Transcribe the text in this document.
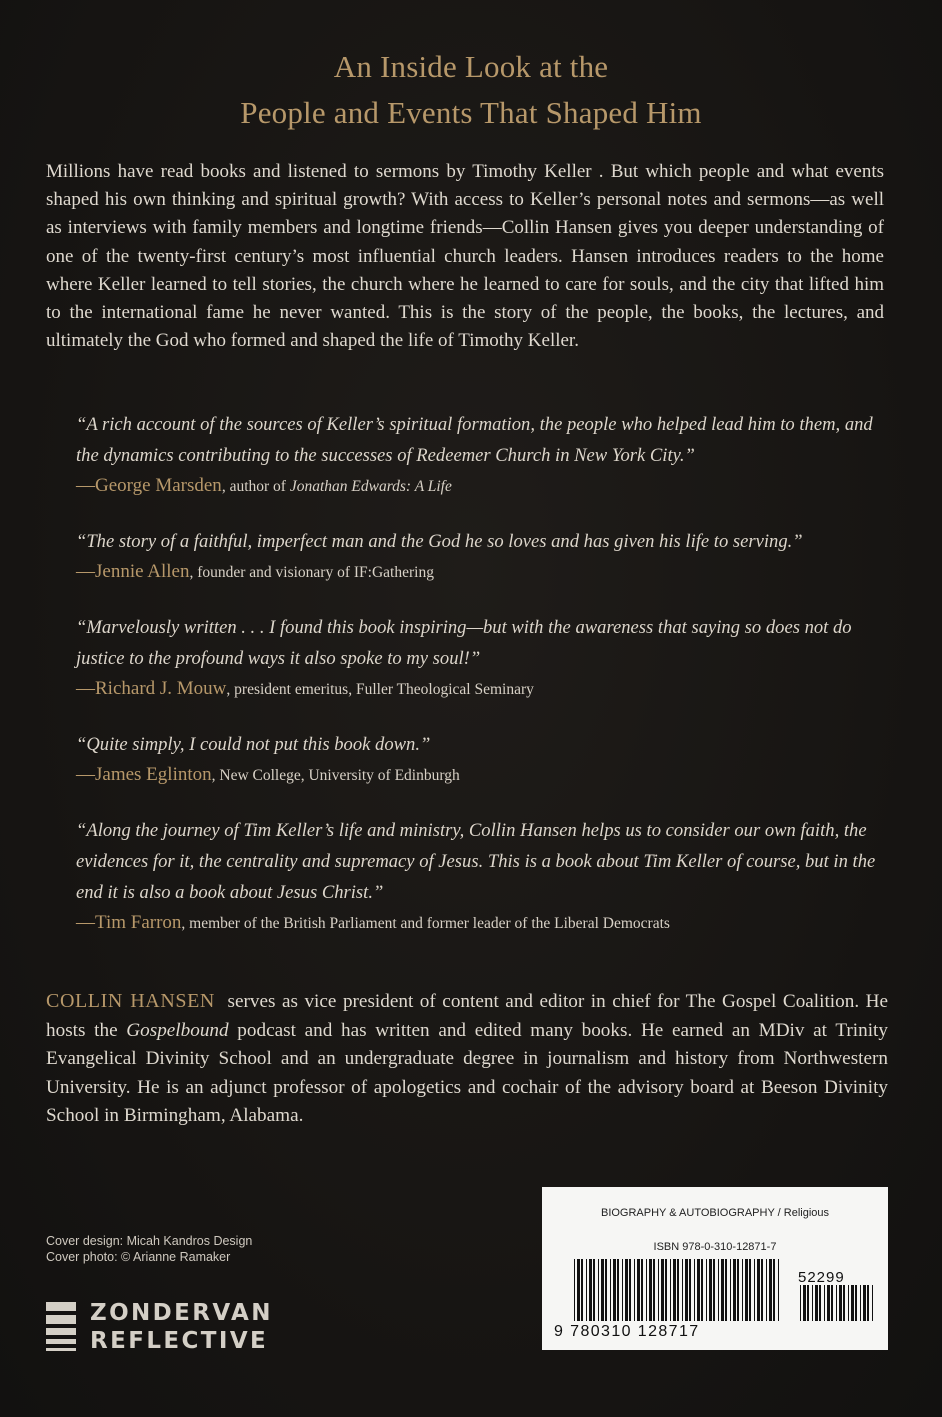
An Inside Look at the
People and Events That Shaped Him

Millions have read books and listened to sermons by Timothy Keller . But which people and what events shaped his own thinking and spiritual growth? With access to Keller’s personal notes and sermons—as well as interviews with family members and longtime friends—Collin Hansen gives you deeper understanding of one of the twenty-first century’s most influential church leaders. Hansen introduces readers to the home where Keller learned to tell stories, the church where he learned to care for souls, and the city that lifted him to the international fame he never wanted. This is the story of the people, the books, the lectures, and ultimately the God who formed and shaped the life of Timothy Keller.

“A rich account of the sources of Keller’s spiritual formation, the people who helped lead him to them, and the dynamics contributing to the successes of Redeemer Church in New York City.”

—George Marsden, author of Jonathan Edwards: A Life

“The story of a faithful, imperfect man and the God he so loves and has given his life to serving.”

—Jennie Allen, founder and visionary of IF:Gathering

“Marvelously written . . . I found this book inspiring—but with the awareness that saying so does not do justice to the profound ways it also spoke to my soul!”

—Richard J. Mouw, president emeritus, Fuller Theological Seminary

“Quite simply, I could not put this book down.”

—James Eglinton, New College, University of Edinburgh

“Along the journey of Tim Keller’s life and ministry, Collin Hansen helps us to consider our own faith, the evidences for it, the centrality and supremacy of Jesus. This is a book about Tim Keller of course, but in the end it is also a book about Jesus Christ.”

—Tim Farron, member of the British Parliament and former leader of the Liberal Democrats

COLLIN HANSEN serves as vice president of content and editor in chief for The Gospel Coalition. He hosts the Gospelbound podcast and has written and edited many books. He earned an MDiv at Trinity Evangelical Divinity School and an undergraduate degree in journalism and history from Northwestern University. He is an adjunct professor of apologetics and cochair of the advisory board at Beeson Divinity School in Birmingham, Alabama.

Cover design: Micah Kandros Design
Cover photo: © Arianne Ramaker
ZONDERVAN
REFLECTIVE
BIOGRAPHY & AUTOBIOGRAPHY / Religious
ISBN 978-0-310-12871-7
52299
9 780310 128717
